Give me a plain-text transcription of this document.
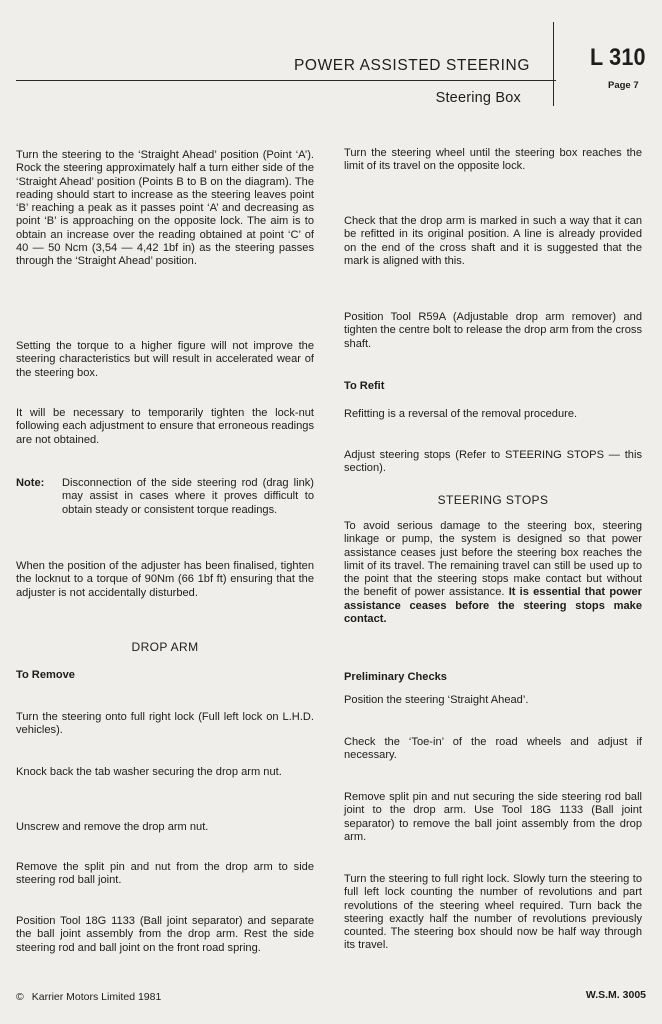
POWER ASSISTED STEERING
Steering Box
L 310
Page 7

Turn the steering to the ‘Straight Ahead’ position (Point ‘A’). Rock the steering approximately half a turn either side of the ‘Straight Ahead’ position (Points B to B on the diagram). The reading should start to increase as the steering leaves point ‘B’ reaching a peak as it passes point ‘A’ and decreasing as point ‘B’ is approaching on the opposite lock. The aim is to obtain an increase over the reading obtained at point ‘C’ of 40 — 50 Ncm (3,54 — 4,42 1bf in) as the steering passes through the ‘Straight Ahead’ position.

Setting the torque to a higher figure will not improve the steering characteristics but will result in accelerated wear of the steering box.

It will be necessary to temporarily tighten the lock-nut following each adjustment to ensure that erroneous readings are not obtained.

Note:	Disconnection of the side steering rod (drag link) may assist in cases where it proves difficult to obtain steady or consistent torque readings.

When the position of the adjuster has been finalised, tighten the locknut to a torque of 90Nm (66 1bf ft) ensuring that the adjuster is not accidentally disturbed.

DROP ARM

To Remove

Turn the steering onto full right lock (Full left lock on L.H.D. vehicles).

Knock back the tab washer securing the drop arm nut.

Unscrew and remove the drop arm nut.

Remove the split pin and nut from the drop arm to side steering rod ball joint.

Position Tool 18G 1133 (Ball joint separator) and separate the ball joint assembly from the drop arm. Rest the side steering rod and ball joint on the front road spring.

Turn the steering wheel until the steering box reaches the limit of its travel on the opposite lock.

Check that the drop arm is marked in such a way that it can be refitted in its original position. A line is already provided on the end of the cross shaft and it is suggested that the mark is aligned with this.

Position Tool R59A (Adjustable drop arm remover) and tighten the centre bolt to release the drop arm from the cross shaft.

To Refit

Refitting is a reversal of the removal procedure.

Adjust steering stops (Refer to STEERING STOPS — this section).

STEERING STOPS

To avoid serious damage to the steering box, steering linkage or pump, the system is designed so that power assistance ceases just before the steering box reaches the limit of its travel. The remaining travel can still be used up to the point that the steering stops make contact but without the benefit of power assistance. It is essential that power assistance ceases before the steering stops make contact.

Preliminary Checks

Position the steering ‘Straight Ahead’.

Check the ‘Toe-in’ of the road wheels and adjust if necessary.

Remove split pin and nut securing the side steering rod ball joint to the drop arm. Use Tool 18G 1133 (Ball joint separator) to remove the ball joint assembly from the drop arm.

Turn the steering to full right lock. Slowly turn the steering to full left lock counting the number of revolutions and part revolutions of the steering wheel required. Turn back the steering exactly half the number of revolutions previously counted. The steering box should now be half way through its travel.

© Karrier Motors Limited 1981	W.S.M. 3005
